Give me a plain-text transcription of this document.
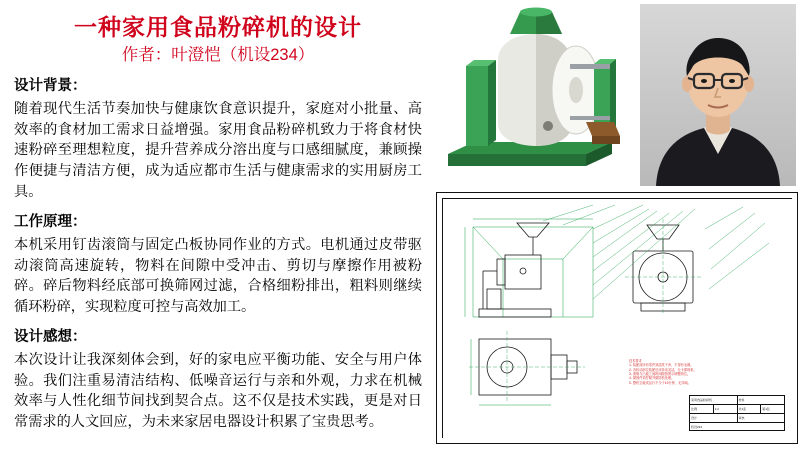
一种家用食品粉碎机的设计
作者：叶澄恺（机设234）

设计背景：

随着现代生活节奏加快与健康饮食意识提升，家庭对小批量、高效率的食材加工需求日益增强。家用食品粉碎机致力于将食材快速粉碎至理想粒度，提升营养成分溶出度与口感细腻度，兼顾操作便捷与清洁方便，成为适应都市生活与健康需求的实用厨房工具。

工作原理：

本机采用钉齿滚筒与固定凸板协同作业的方式。电机通过皮带驱动滚筒高速旋转，物料在间隙中受冲击、剪切与摩擦作用被粉碎。碎后物料经底部可换筛网过滤，合格细粉排出，粗料则继续循环粉碎，实现粒度可控与高效加工。

设计感想：

本次设计让我深刻体会到，好的家电应平衡功能、安全与用户体验。我们注重易清洁结构、低噪音运行与亲和外观，力求在机械效率与人性化细节间找到契合点。这不仅是技术实践，更是对日常需求的人文回应，为未来家居电器设计积累了宝贵思考。

技术要求
1.装配前所有零件须清洗干净，不得有毛刺。
2.各转动部位装配后应转动灵活，无卡滞现象。
3.滚筒与凸板之间的间隙按图示调整到位。
4.紧固件须拧紧并做防松处理。
5.整机空载试运行不少于10分钟，无异响。
家用食品粉碎机	材料
比例	1:2	共1张	第1张
设计	审核
机设234
